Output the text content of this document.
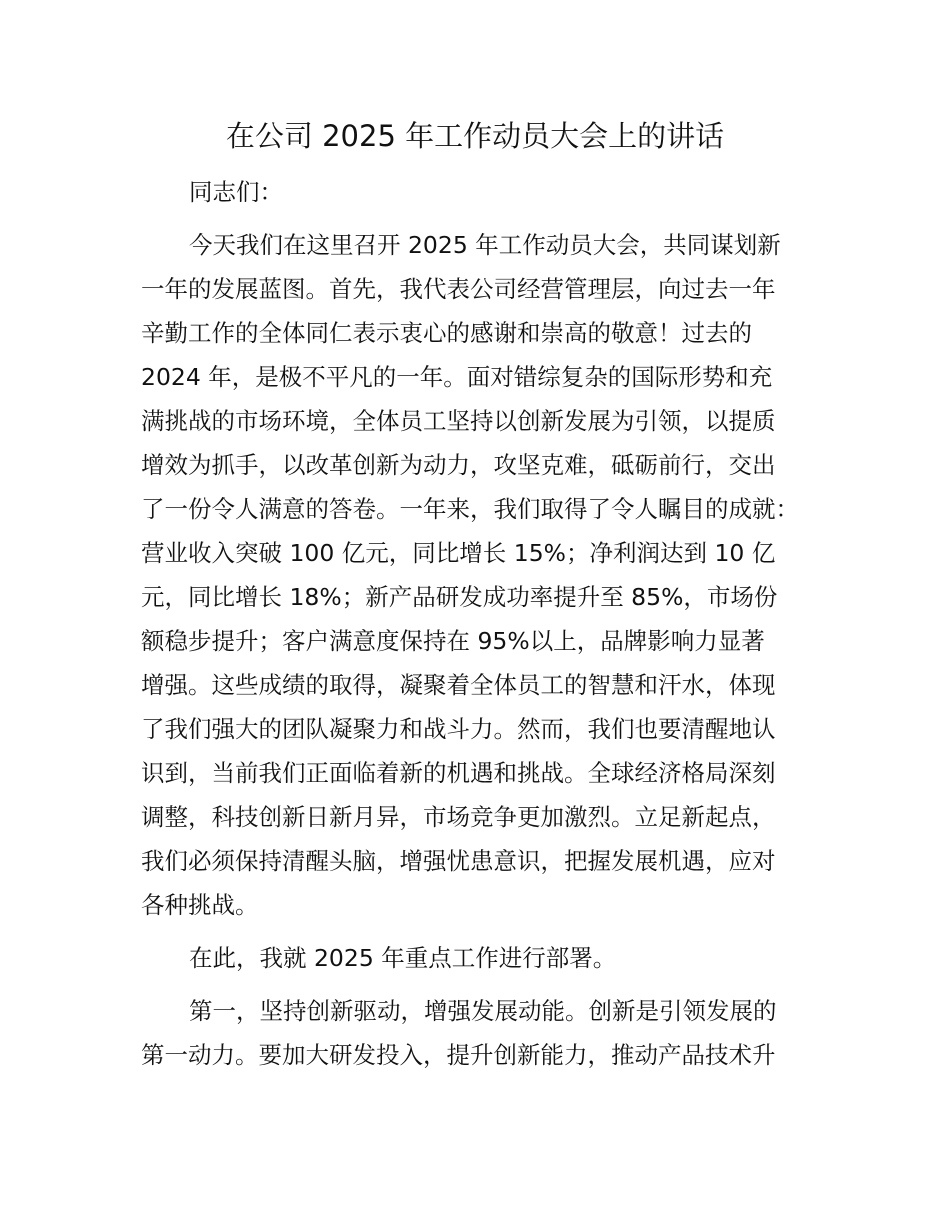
在公司 2025 年工作动员大会上的讲话
同志们：
今天我们在这里召开 2025 年工作动员大会，共同谋划新
一年的发展蓝图。首先，我代表公司经营管理层，向过去一年
辛勤工作的全体同仁表示衷心的感谢和崇高的敬意！过去的
2024 年，是极不平凡的一年。面对错综复杂的国际形势和充
满挑战的市场环境，全体员工坚持以创新发展为引领，以提质
增效为抓手，以改革创新为动力，攻坚克难，砥砺前行，交出
了一份令人满意的答卷。一年来，我们取得了令人瞩目的成就：
营业收入突破 100 亿元，同比增长 15%；净利润达到 10 亿
元，同比增长 18%；新产品研发成功率提升至 85%，市场份
额稳步提升；客户满意度保持在 95%以上，品牌影响力显著
增强。这些成绩的取得，凝聚着全体员工的智慧和汗水，体现
了我们强大的团队凝聚力和战斗力。然而，我们也要清醒地认
识到，当前我们正面临着新的机遇和挑战。全球经济格局深刻
调整，科技创新日新月异，市场竞争更加激烈。立足新起点，
我们必须保持清醒头脑，增强忧患意识，把握发展机遇，应对
各种挑战。
在此，我就 2025 年重点工作进行部署。
第一，坚持创新驱动，增强发展动能。创新是引领发展的
第一动力。要加大研发投入，提升创新能力，推动产品技术升
